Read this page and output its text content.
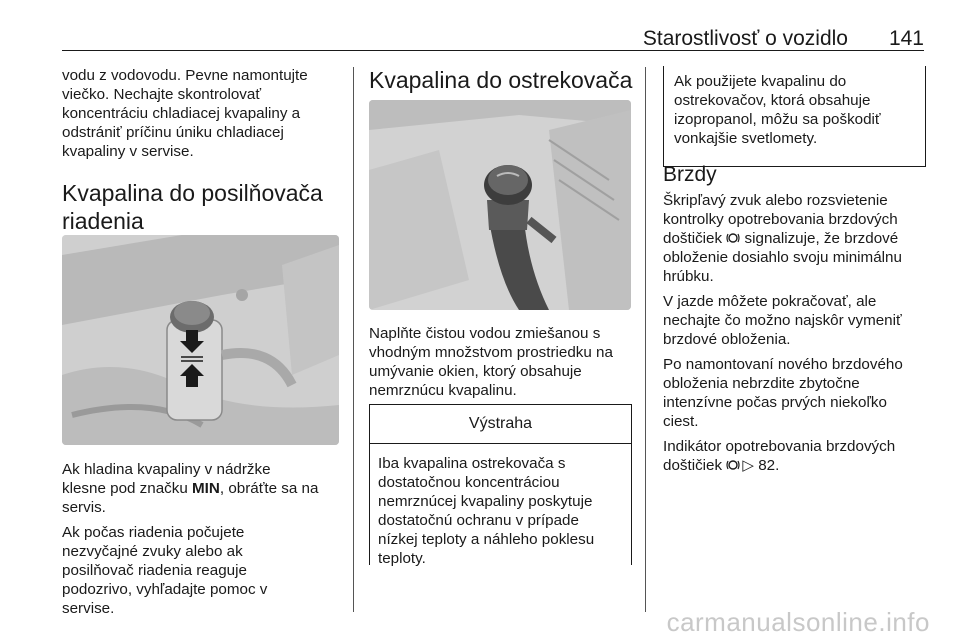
Starostlivosť o vozidlo 141

vodu z vodovodu. Pevne namontujte
viečko. Nechajte skontrolovať
koncentráciu chladiacej kvapaliny a
odstrániť príčinu úniku chladiacej
kvapaliny v servise.

Kvapalina do posilňovača
riadenia

Ak hladina kvapaliny v nádržke
klesne pod značku MIN, obráťte sa na
servis.

Ak počas riadenia počujete
nezvyčajné zvuky alebo ak
posilňovač riadenia reaguje
podozrivo, vyhľadajte pomoc v
servise.

Kvapalina do ostrekovača

Naplňte čistou vodou zmiešanou s
vhodným množstvom prostriedku na
umývanie okien, ktorý obsahuje
nemrznúcu kvapalinu.

Výstraha
Iba kvapalina ostrekovača s
dostatočnou koncentráciou
nemrznúcej kvapaliny poskytuje
dostatočnú ochranu v prípade
nízkej teploty a náhleho poklesu
teploty.
Ak použijete kvapalinu do
ostrekovačov, ktorá obsahuje
izopropanol, môžu sa poškodiť
vonkajšie svetlomety.
Brzdy

Škripľavý zvuk alebo rozsvietenie
kontrolky opotrebovania brzdových
doštičiek  signalizuje, že brzdové
obloženie dosiahlo svoju minimálnu
hrúbku.

V jazde môžete pokračovať, ale
nechajte čo možno najskôr vymeniť
brzdové obloženia.

Po namontovaní nového brzdového
obloženia nebrzdite zbytočne
intenzívne počas prvých niekoľko
ciest.

Indikátor opotrebovania brzdových
doštičiek ▷ 82.

carmanualsonline.info
